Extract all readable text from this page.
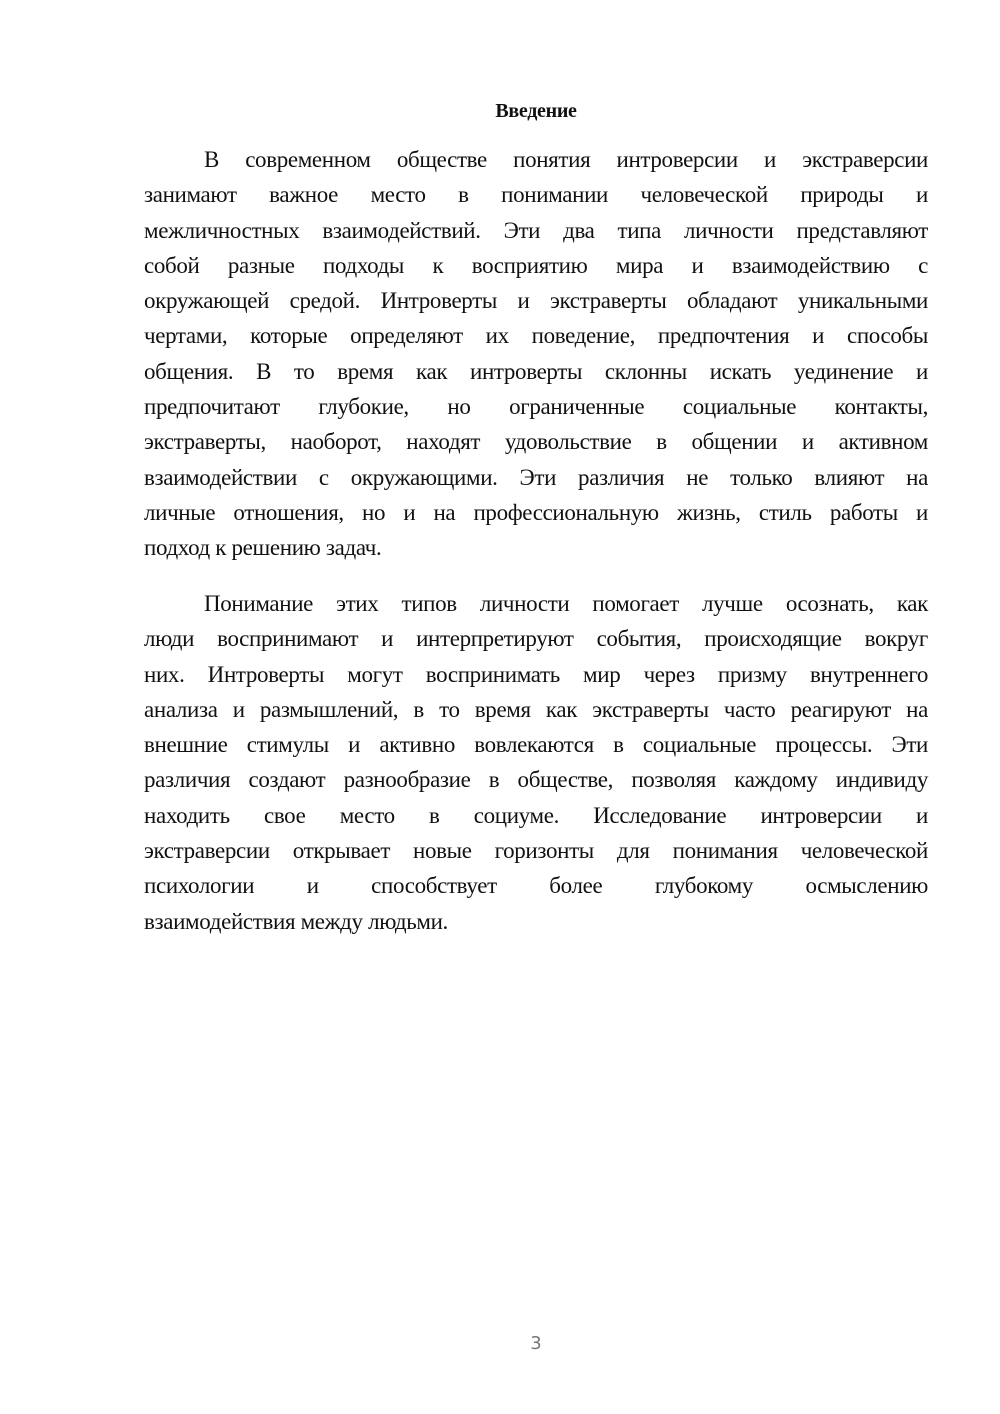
Введение
В современном обществе понятия интроверсии и экстраверсии
занимают важное место в понимании человеческой природы и
межличностных взаимодействий. Эти два типа личности представляют
собой разные подходы к восприятию мира и взаимодействию с
окружающей средой. Интроверты и экстраверты обладают уникальными
чертами, которые определяют их поведение, предпочтения и способы
общения. В то время как интроверты склонны искать уединение и
предпочитают глубокие, но ограниченные социальные контакты,
экстраверты, наоборот, находят удовольствие в общении и активном
взаимодействии с окружающими. Эти различия не только влияют на
личные отношения, но и на профессиональную жизнь, стиль работы и
подход к решению задач.
Понимание этих типов личности помогает лучше осознать, как
люди воспринимают и интерпретируют события, происходящие вокруг
них. Интроверты могут воспринимать мир через призму внутреннего
анализа и размышлений, в то время как экстраверты часто реагируют на
внешние стимулы и активно вовлекаются в социальные процессы. Эти
различия создают разнообразие в обществе, позволяя каждому индивиду
находить свое место в социуме. Исследование интроверсии и
экстраверсии открывает новые горизонты для понимания человеческой
психологии и способствует более глубокому осмыслению
взаимодействия между людьми.
3
